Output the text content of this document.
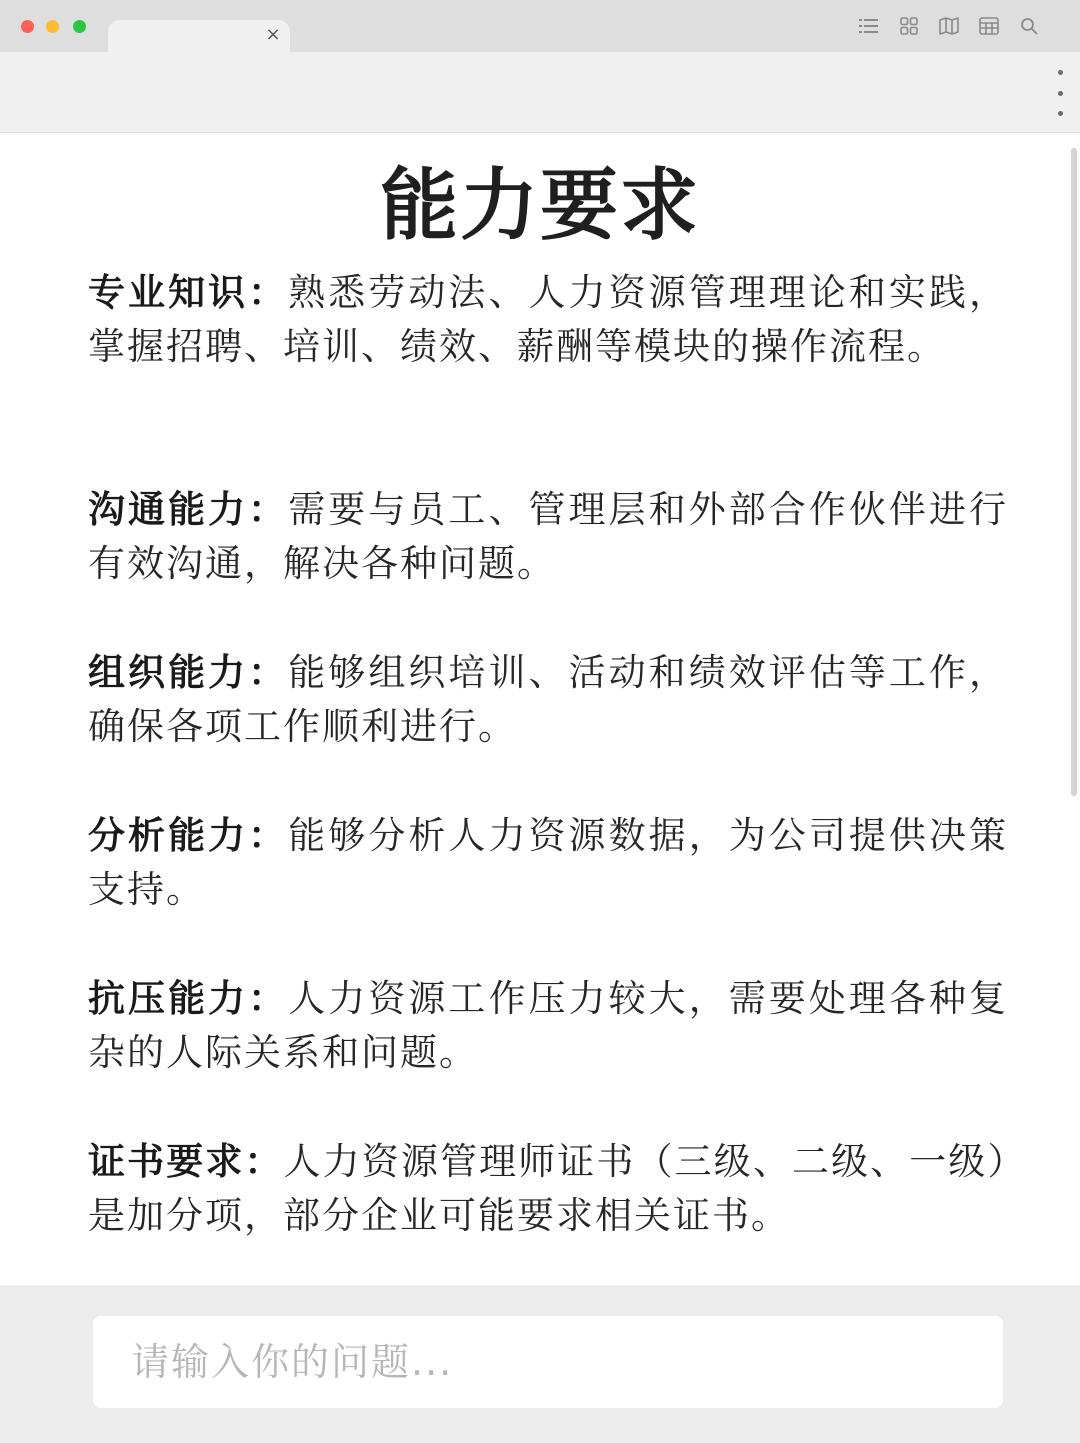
×
能力要求
专业知识：熟悉劳动法、人力资源管理理论和实践，掌握招聘、培训、绩效、薪酬等模块的操作流程。
沟通能力：需要与员工、管理层和外部合作伙伴进行有效沟通，解决各种问题。
组织能力：能够组织培训、活动和绩效评估等工作，确保各项工作顺利进行。
分析能力：能够分析人力资源数据，为公司提供决策支持。
抗压能力：人力资源工作压力较大，需要处理各种复杂的人际关系和问题。
证书要求：人力资源管理师证书（三级、二级、一级）是加分项，部分企业可能要求相关证书。
请输入你的问题...
